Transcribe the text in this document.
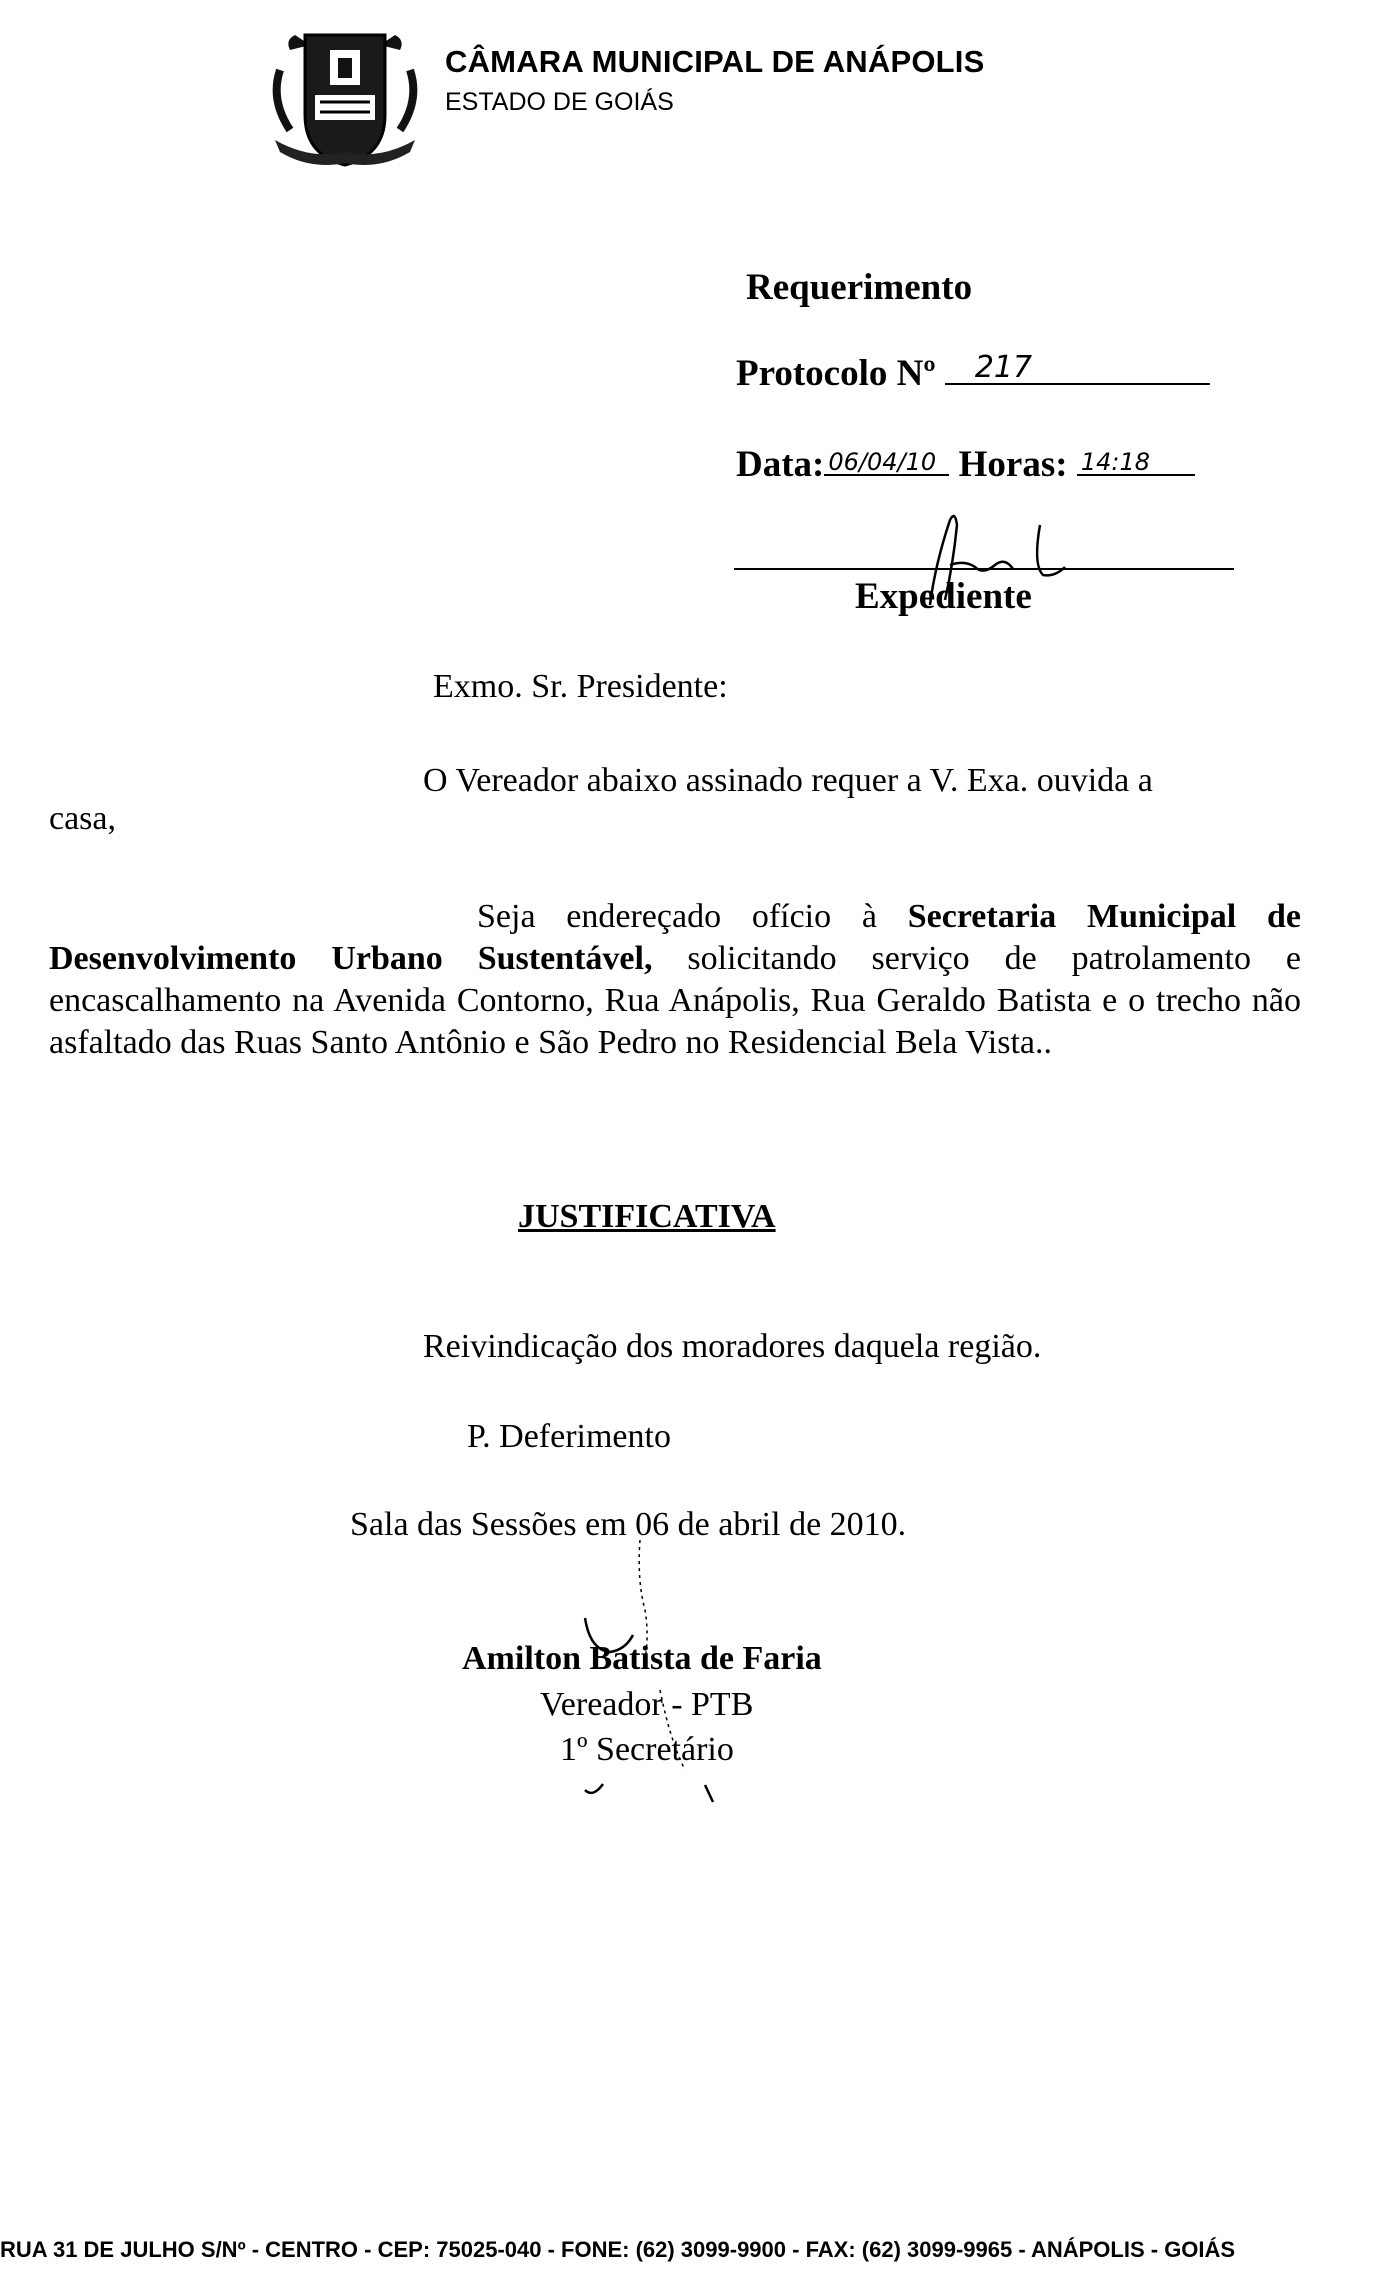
CÂMARA MUNICIPAL DE ANÁPOLIS
ESTADO DE GOIÁS
Requerimento
Protocolo Nº 217
Data: 06/04/10 Horas: 14:18
Expediente
Exmo. Sr. Presidente:
O Vereador abaixo assinado requer a V. Exa. ouvida a
casa,

Seja endereçado ofício à Secretaria Municipal de Desenvolvimento Urbano Sustentável, solicitando serviço de patrolamento e encascalhamento na Avenida Contorno, Rua Anápolis, Rua Geraldo Batista e o trecho não asfaltado das Ruas Santo Antônio e São Pedro no Residencial Bela Vista..

JUSTIFICATIVA
Reivindicação dos moradores daquela região.
P. Deferimento
Sala das Sessões em 06 de abril de 2010.
Amilton Batista de Faria
Vereador - PTB
1º Secretário
RUA 31 DE JULHO S/Nº - CENTRO - CEP: 75025-040 - FONE: (62) 3099-9900 - FAX: (62) 3099-9965 - ANÁPOLIS - GOIÁS
